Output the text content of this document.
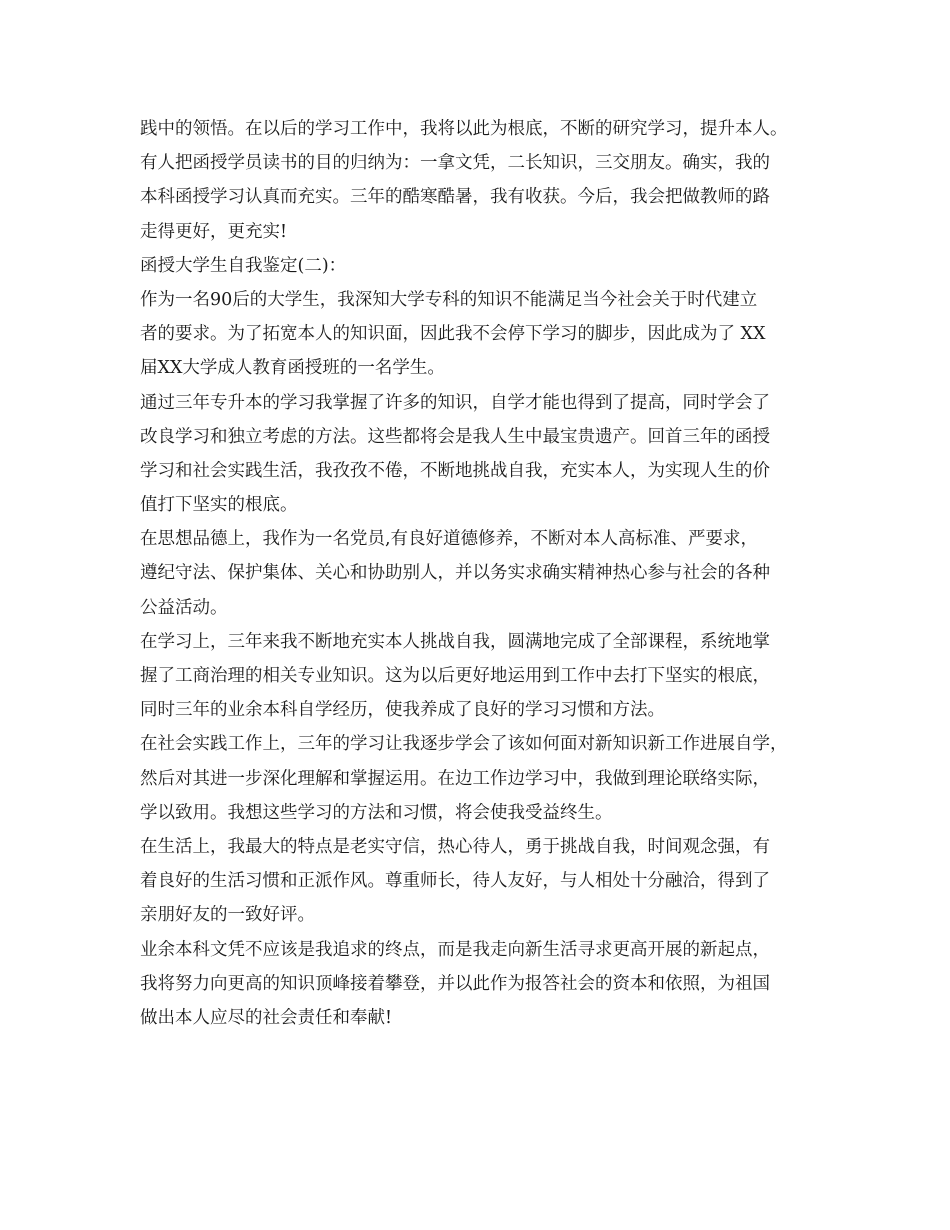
践中的领悟。在以后的学习工作中，我将以此为根底，不断的研究学习，提升本人。
有人把函授学员读书的目的归纳为：一拿文凭，二长知识，三交朋友。确实，我的
本科函授学习认真而充实。三年的酷寒酷暑，我有收获。今后，我会把做教师的路
走得更好，更充实!
函授大学生自我鉴定(二)：
作为一名90后的大学生，我深知大学专科的知识不能满足当今社会关于时代建立
者的要求。为了拓宽本人的知识面，因此我不会停下学习的脚步，因此成为了 XX
届XX大学成人教育函授班的一名学生。
通过三年专升本的学习我掌握了许多的知识，自学才能也得到了提高，同时学会了
改良学习和独立考虑的方法。这些都将会是我人生中最宝贵遗产。回首三年的函授
学习和社会实践生活，我孜孜不倦，不断地挑战自我，充实本人，为实现人生的价
值打下坚实的根底。
在思想品德上，我作为一名党员,有良好道德修养，不断对本人高标准、严要求，
遵纪守法、保护集体、关心和协助别人，并以务实求确实精神热心参与社会的各种
公益活动。
在学习上，三年来我不断地充实本人挑战自我，圆满地完成了全部课程，系统地掌
握了工商治理的相关专业知识。这为以后更好地运用到工作中去打下坚实的根底，
同时三年的业余本科自学经历，使我养成了良好的学习习惯和方法。
在社会实践工作上，三年的学习让我逐步学会了该如何面对新知识新工作进展自学，
然后对其进一步深化理解和掌握运用。在边工作边学习中，我做到理论联络实际，
学以致用。我想这些学习的方法和习惯，将会使我受益终生。
在生活上，我最大的特点是老实守信，热心待人，勇于挑战自我，时间观念强，有
着良好的生活习惯和正派作风。尊重师长，待人友好，与人相处十分融洽，得到了
亲朋好友的一致好评。
业余本科文凭不应该是我追求的终点，而是我走向新生活寻求更高开展的新起点，
我将努力向更高的知识顶峰接着攀登，并以此作为报答社会的资本和依照，为祖国
做出本人应尽的社会责任和奉献!
